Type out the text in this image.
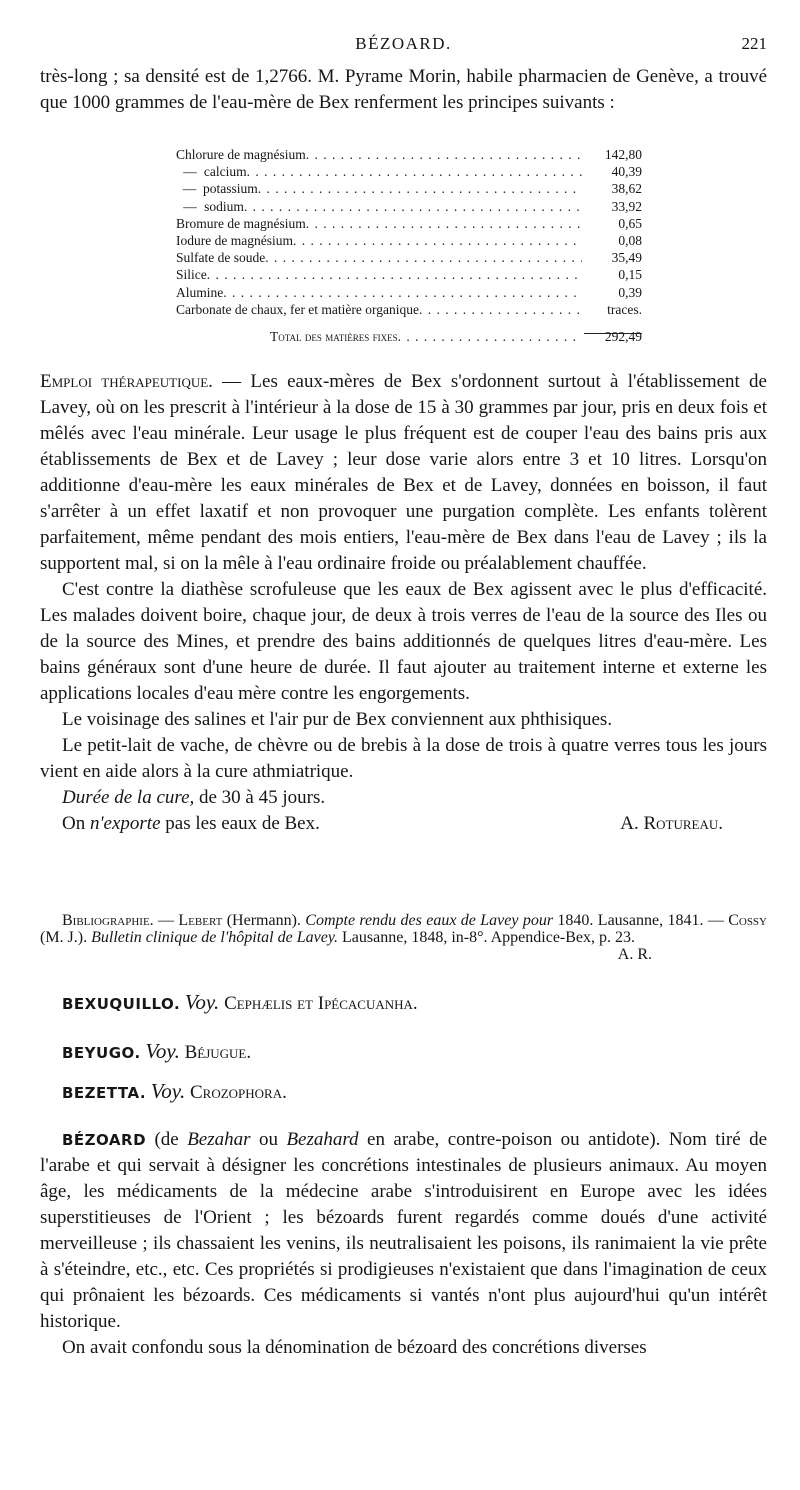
BÉZOARD.	221

très-long ; sa densité est de 1,2766. M. Pyrame Morin, habile pharmacien de Genève, a trouvé que 1000 grammes de l'eau-mère de Bex renferment les principes suivants :

Chlorure de magnésium . . .	142,80
— calcium . . .	40,39
— potassium . . .	38,62
— sodium . . .	33,92
Bromure de magnésium . . .	0,65
Iodure de magnésium . . .	0,08
Sulfate de soude . . .	35,49
Silice . . .	0,15
Alumine . . .	0,39
Carbonate de chaux, fer et matière organique . . .	traces.
Total des matières fixes . . .	292,49

Emploi thérapeutique. — Les eaux-mères de Bex s'ordonnent surtout à l'établissement de Lavey, où on les prescrit à l'intérieur à la dose de 15 à 30 grammes par jour, pris en deux fois et mêlés avec l'eau minérale. Leur usage le plus fréquent est de couper l'eau des bains pris aux établissements de Bex et de Lavey ; leur dose varie alors entre 3 et 10 litres. Lorsqu'on additionne d'eau-mère les eaux minérales de Bex et de Lavey, données en boisson, il faut s'arrêter à un effet laxatif et non provoquer une purgation complète. Les enfants tolèrent parfaitement, même pendant des mois entiers, l'eau-mère de Bex dans l'eau de Lavey ; ils la supportent mal, si on la mêle à l'eau ordinaire froide ou préalablement chauffée.

C'est contre la diathèse scrofuleuse que les eaux de Bex agissent avec le plus d'efficacité. Les malades doivent boire, chaque jour, de deux à trois verres de l'eau de la source des Iles ou de la source des Mines, et prendre des bains additionnés de quelques litres d'eau-mère. Les bains généraux sont d'une heure de durée. Il faut ajouter au traitement interne et externe les applications locales d'eau mère contre les engorgements.

Le voisinage des salines et l'air pur de Bex conviennent aux phthisiques.

Le petit-lait de vache, de chèvre ou de brebis à la dose de trois à quatre verres tous les jours vient en aide alors à la cure athmiatrique.

Durée de la cure, de 30 à 45 jours.

On n'exporte pas les eaux de Bex.	A. Rotureau.

Bibliographie. — Lebert (Hermann). Compte rendu des eaux de Lavey pour 1840. Lausanne, 1841. — Cossy (M. J.). Bulletin clinique de l'hôpital de Lavey. Lausanne, 1848, in-8°. Appendice-Bex, p. 23.
A. R.

BEXUQUILLO. Voy. Cephælis et Ipécacuanha.
BEYUGO. Voy. Béjugue.
BEZETTA. Voy. Crozophora.

BÉZOARD (de Bezahar ou Bezahard en arabe, contre-poison ou antidote). Nom tiré de l'arabe et qui servait à désigner les concrétions intestinales de plusieurs animaux. Au moyen âge, les médicaments de la médecine arabe s'introduisirent en Europe avec les idées superstitieuses de l'Orient ; les bézoards furent regardés comme doués d'une activité merveilleuse ; ils chassaient les venins, ils neutralisaient les poisons, ils ranimaient la vie prête à s'éteindre, etc., etc. Ces propriétés si prodigieuses n'existaient que dans l'imagination de ceux qui prônaient les bézoards. Ces médicaments si vantés n'ont plus aujourd'hui qu'un intérêt historique.

On avait confondu sous la dénomination de bézoard des concrétions diverses
